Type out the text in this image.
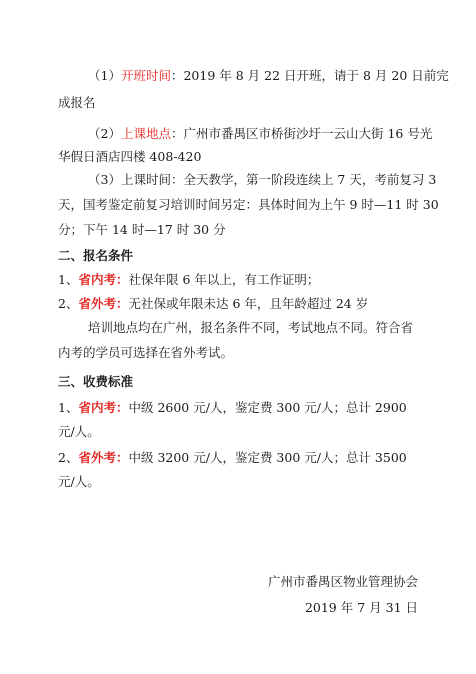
（1）开班时间：2019 年 8 月 22 日开班，请于 8 月 20 日前完
成报名
（2）上课地点：广州市番禺区市桥街沙圩一云山大街 16 号光
华假日酒店四楼 408-420
（3）上课时间：全天教学，第一阶段连续上 7 天，考前复习 3
天，国考鉴定前复习培训时间另定：具体时间为上午 9 时—11 时 30
分；下午 14 时—17 时 30 分
二、报名条件
1、省内考：社保年限 6 年以上，有工作证明；
2、省外考：无社保或年限未达 6 年，且年龄超过 24 岁
培训地点均在广州，报名条件不同，考试地点不同。符合省
内考的学员可选择在省外考试。
三、收费标准
1、省内考：中级 2600 元/人，鉴定费 300 元/人；总计 2900
元/人。
2、省外考：中级 3200 元/人，鉴定费 300 元/人；总计 3500
元/人。
广州市番禺区物业管理协会
2019 年 7 月 31 日
